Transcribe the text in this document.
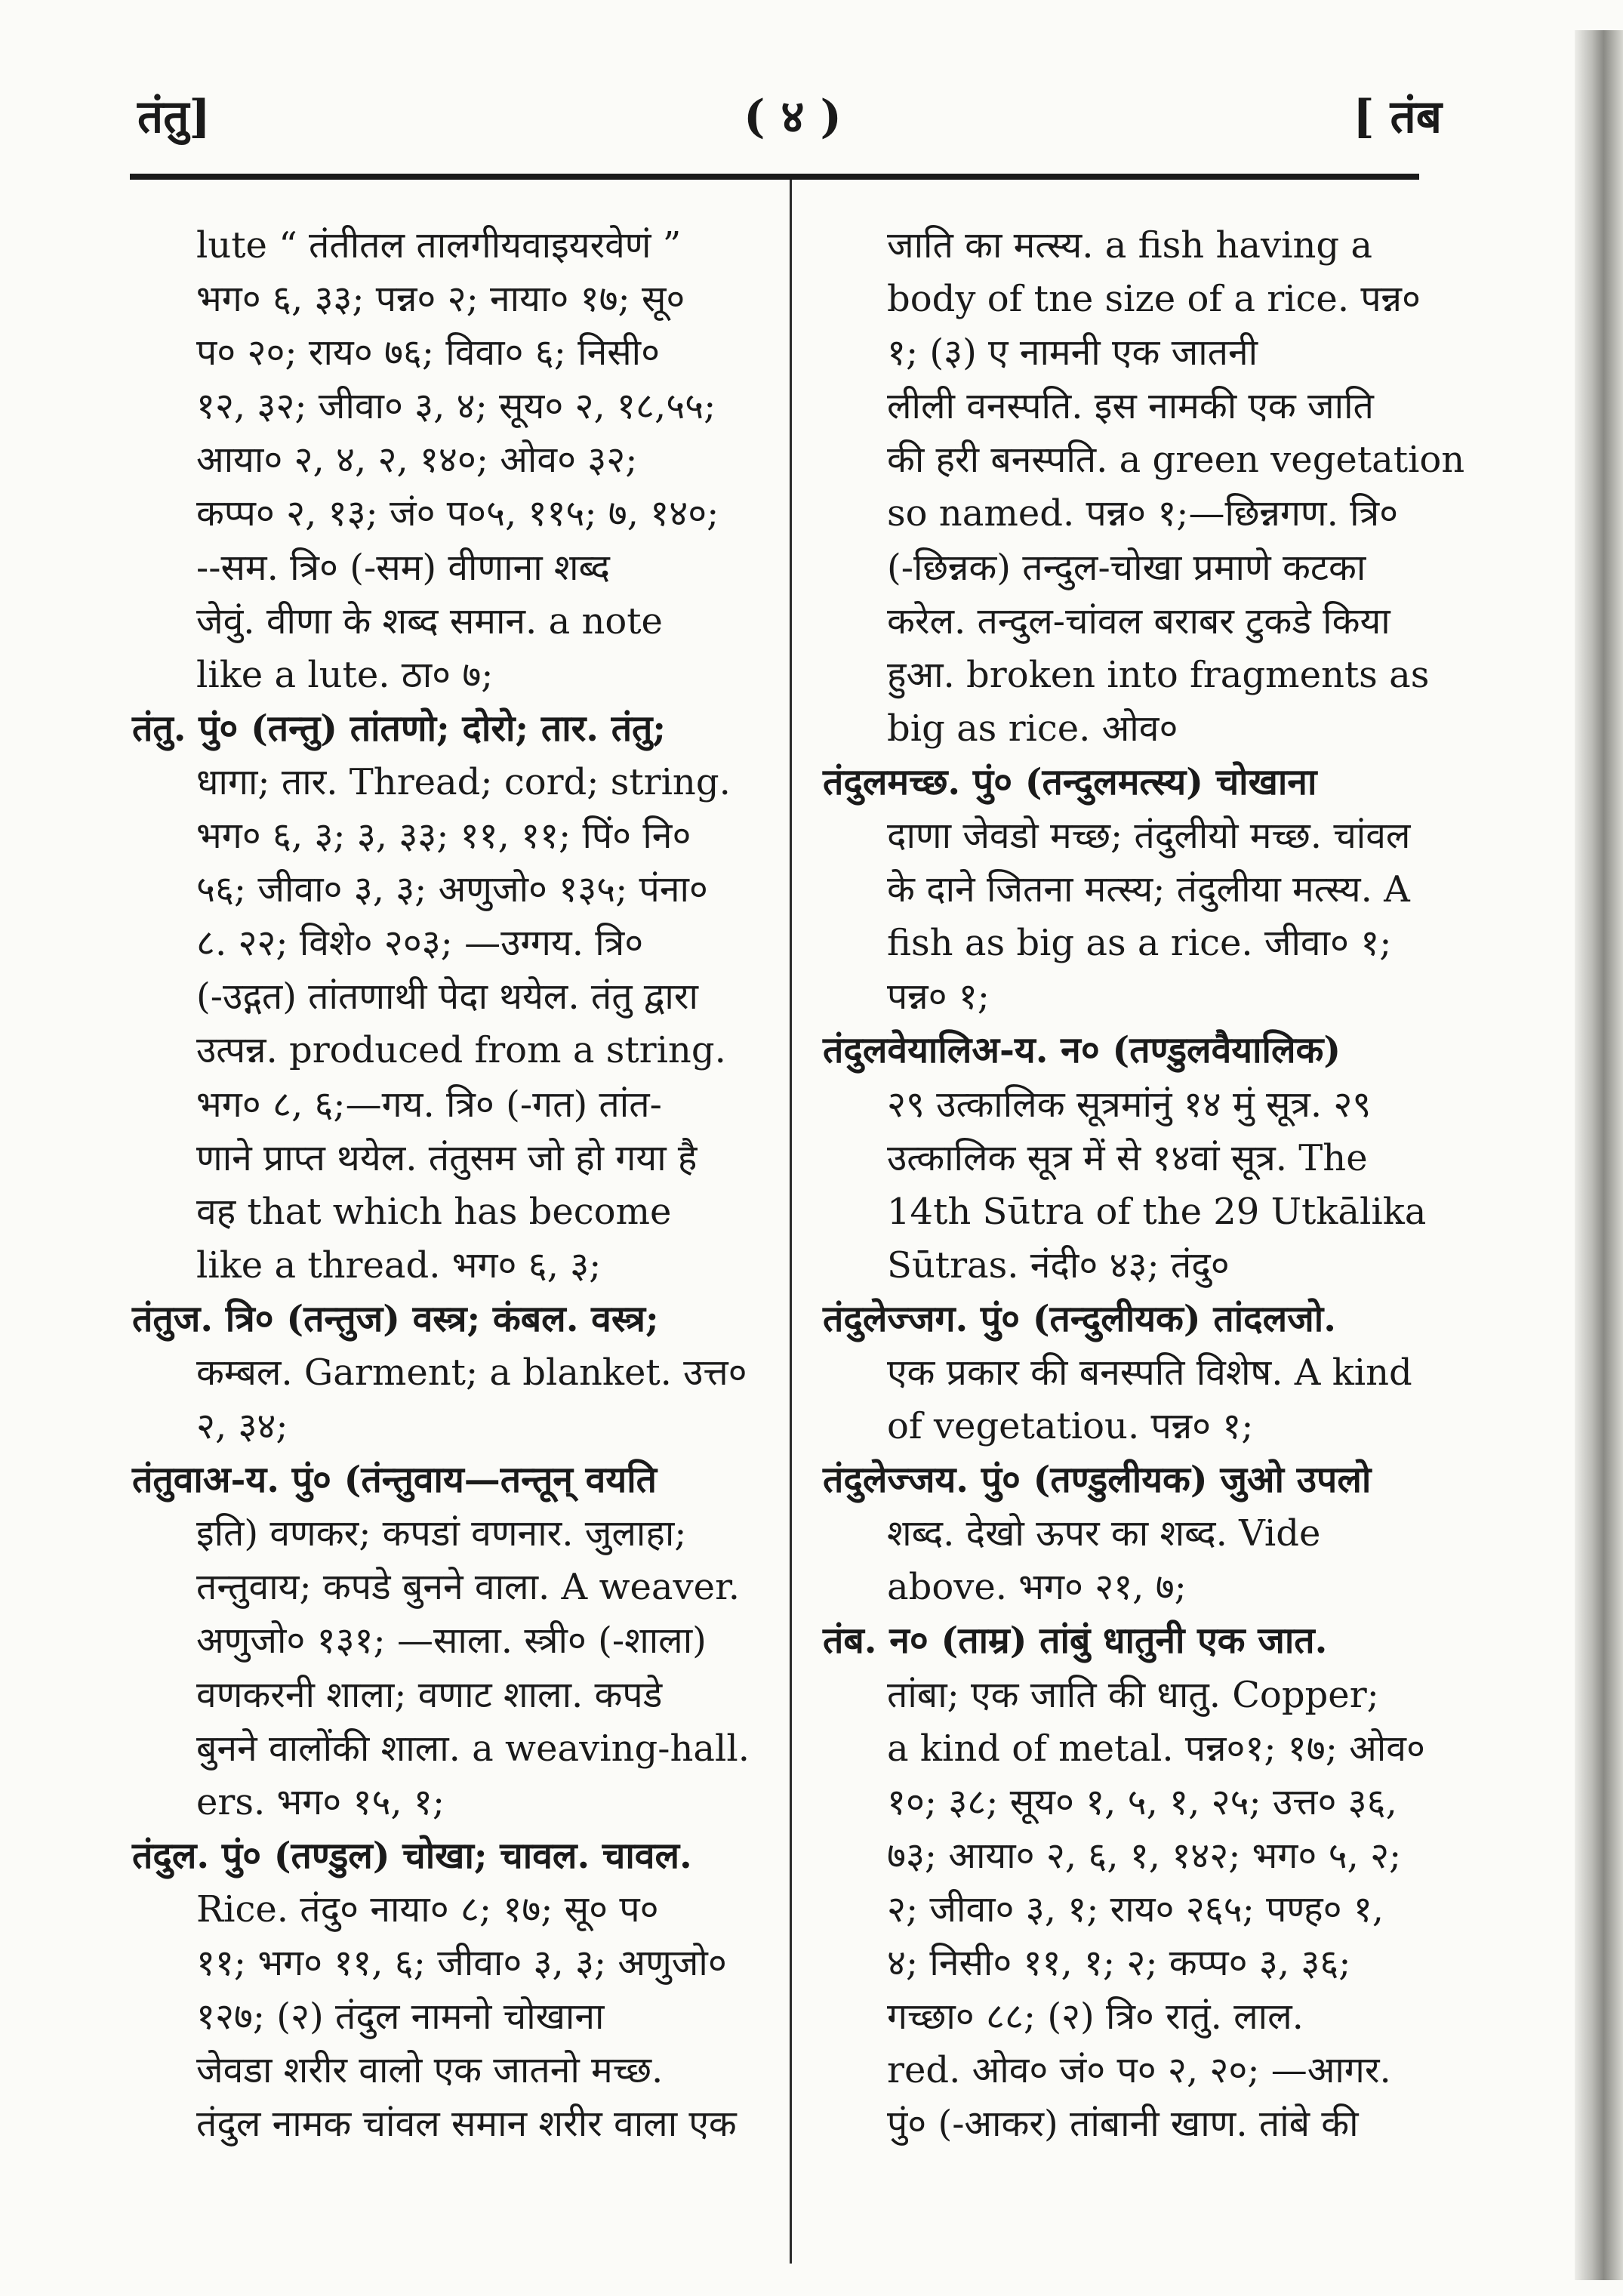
तंतु]	( ४ )	[ तंब
lute “ तंतीतल तालगीयवाइयरवेणं ”
भग० ६, ३३; पन्न० २; नाया० १७; सू०
प० २०; राय० ७६; विवा० ६; निसी०
१२, ३२; जीवा० ३, ४; सूय० २, १८,५५;
आया० २, ४, २, १४०; ओव० ३२;
कप्प० २, १३; जं० प०५, ११५; ७, १४०;
--सम. त्रि० (-सम) वीणाना शब्द
जेवुं. वीणा के शब्द समान. a note
like a lute. ठा० ७;
तंतु. पुं० (तन्तु) तांतणो; दोरो; तार. तंतु;
धागा; तार. Thread; cord; string.
भग० ६, ३; ३, ३३; ११, ११; पिं० नि०
५६; जीवा० ३, ३; अणुजो० १३५; पंना०
८. २२; विशे० २०३; —उग्गय. त्रि०
(-उद्गत) तांतणाथी पेदा थयेल. तंतु द्वारा
उत्पन्न. produced from a string.
भग० ८, ६;—गय. त्रि० (-गत) तांत-
णाने प्राप्त थयेल. तंतुसम जो हो गया है
वह that which has become
like a thread. भग० ६, ३;
तंतुज. त्रि० (तन्तुज) वस्त्र; कंबल. वस्त्र;
कम्बल. Garment; a blanket. उत्त०
२, ३४;
तंतुवाअ-य. पुं० (तंन्तुवाय—तन्तून् वयति
इति) वणकर; कपडां वणनार. जुलाहा;
तन्तुवाय; कपडे बुनने वाला. A weaver.
अणुजो० १३१; —साला. स्त्री० (-शाला)
वणकरनी शाला; वणाट शाला. कपडे
बुनने वालोंकी शाला. a weaving-hall.
ers. भग० १५, १;
तंदुल. पुं० (तण्डुल) चोखा; चावल. चावल.
Rice. तंदु० नाया० ८; १७; सू० प०
११; भग० ११, ६; जीवा० ३, ३; अणुजो०
१२७; (२) तंदुल नामनो चोखाना
जेवडा शरीर वालो एक जातनो मच्छ.
तंदुल नामक चांवल समान शरीर वाला एक
जाति का मत्स्य. a fish having a
body of tne size of a rice. पन्न०
१; (३) ए नामनी एक जातनी
लीली वनस्पति. इस नामकी एक जाति
की हरी बनस्पति. a green vegetation
so named. पन्न० १;—छिन्नगण. त्रि०
(-छिन्नक) तन्दुल-चोखा प्रमाणे कटका
करेल. तन्दुल-चांवल बराबर टुकडे किया
हुआ. broken into fragments as
big as rice. ओव०
तंदुलमच्छ. पुं० (तन्दुलमत्स्य) चोखाना
दाणा जेवडो मच्छ; तंदुलीयो मच्छ. चांवल
के दाने जितना मत्स्य; तंदुलीया मत्स्य. A
fish as big as a rice. जीवा० १;
पन्न० १;
तंदुलवेयालिअ-य. न० (तण्डुलवैयालिक)
२९ उत्कालिक सूत्रमांनुं १४ मुं सूत्र. २९
उत्कालिक सूत्र में से १४वां सूत्र. The
14th Sūtra of the 29 Utkālika
Sūtras. नंदी० ४३; तंदु०
तंदुलेज्जग. पुं० (तन्दुलीयक) तांदलजो.
एक प्रकार की बनस्पति विशेष. A kind
of vegetatiou. पन्न० १;
तंदुलेज्जय. पुं० (तण्डुलीयक) जुओ उपलो
शब्द. देखो ऊपर का शब्द. Vide
above. भग० २१, ७;
तंब. न० (ताम्र) तांबुं धातुनी एक जात.
तांबा; एक जाति की धातु. Copper;
a kind of metal. पन्न०१; १७; ओव०
१०; ३८; सूय० १, ५, १, २५; उत्त० ३६,
७३; आया० २, ६, १, १४२; भग० ५, २;
२; जीवा० ३, १; राय० २६५; पण्ह० १,
४; निसी० ११, १; २; कप्प० ३, ३६;
गच्छा० ८८; (२) त्रि० रातुं. लाल.
red. ओव० जं० प० २, २०; —आगर.
पुं० (-आकर) तांबानी खाण. तांबे की
